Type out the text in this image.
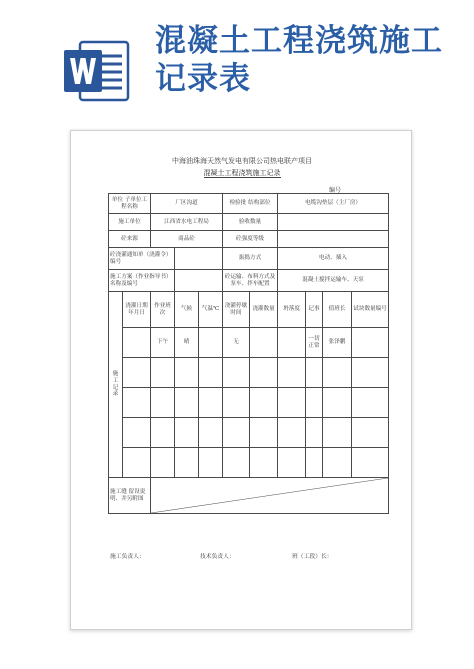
混凝土工程浇筑施工记录表
中海油珠海天然气发电有限公司热电联产项目
混凝土工程浇筑施工记录
编号
单位 子单位工程名称		厂区沟道			检验批 结构部位		电缆沟垫层（主厂房）			
施工单位		江西省水电工程局			验收数量					
砼来源		商品砼			砼强度等级					
砼浇灌通知单（浇灌令）编号					振捣方式		电动、插入			
施工方案（作业指导书）名称及编号					砼运输、布料方式及泵车、拌车配置		混凝土搅拌运输车、天泵			
施工记录	浇灌日期 年月日	作业班次	气候	气温℃	浇灌停歇时间	浇灌数量	坍落度	记事	值班长	试块数量编号
		下午	晴		无			一切正常	张泽鹏	

施工缝 留设说明、并另附图	
施工负责人：	技术负责人：	班（工段）长：
